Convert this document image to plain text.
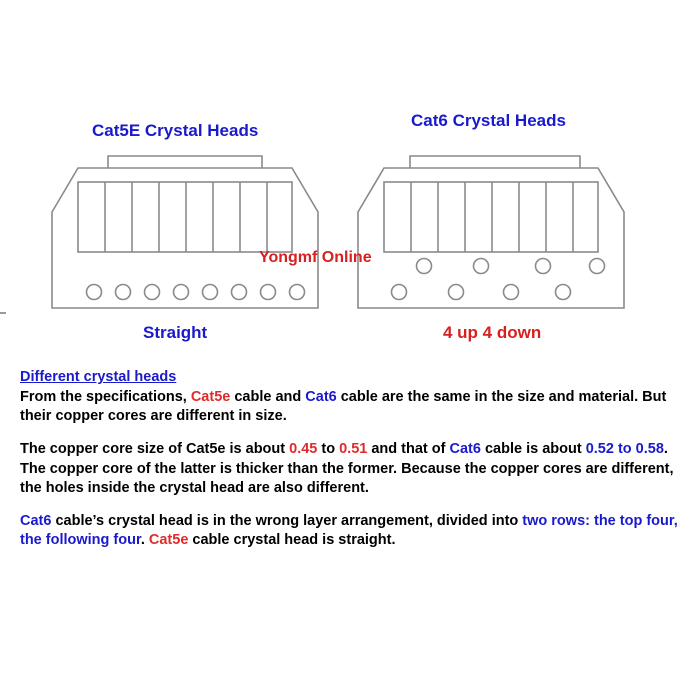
Cat5E Crystal Heads
Straight
Cat6 Crystal Heads
4 up 4 down
Yongmf Online
Different crystal heads

From the specifications, Cat5e cable and Cat6 cable are the same in the size and material. But their copper cores are different in size.

The copper core size of Cat5e is about 0.45 to 0.51 and that of Cat6 cable is about 0.52 to 0.58. The copper core of the latter is thicker than the former. Because the copper cores are different, the holes inside the crystal head are also different.

Cat6 cable’s crystal head is in the wrong layer arrangement, divided into two rows: the top four, the following four. Cat5e cable crystal head is straight.
